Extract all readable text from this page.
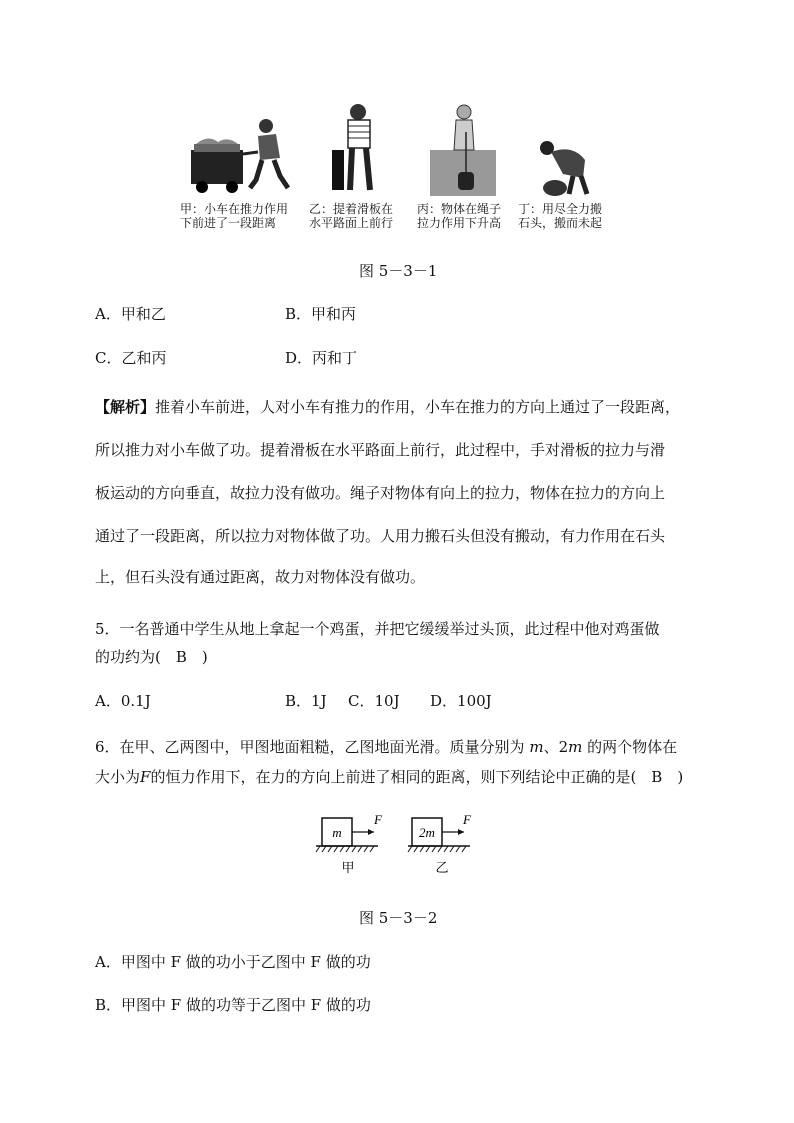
甲：小车在推力作用
下前进了一段距离
乙：提着滑板在
水平路面上前行
丙：物体在绳子
拉力作用下升高
丁：用尽全力搬
石头，搬而未起
图 5－3－1
A．甲和乙	B．甲和丙
C．乙和丙	D．丙和丁
【解析】推着小车前进，人对小车有推力的作用，小车在推力的方向上通过了一段距离，
所以推力对小车做了功。提着滑板在水平路面上前行，此过程中，手对滑板的拉力与滑
板运动的方向垂直，故拉力没有做功。绳子对物体有向上的拉力，物体在拉力的方向上
通过了一段距离，所以拉力对物体做了功。人用力搬石头但没有搬动，有力作用在石头
上，但石头没有通过距离，故力对物体没有做功。
5．一名普通中学生从地上拿起一个鸡蛋，并把它缓缓举过头顶，此过程中他对鸡蛋做
的功约为(　B　)
A．0.1J	B．1J C．10J D．100J
6．在甲、乙两图中，甲图地面粗糙，乙图地面光滑。质量分别为 m、2m 的两个物体在
大小为F的恒力作用下，在力的方向上前进了相同的距离，则下列结论中正确的是(　B　)
m
F
甲
2m
F
乙
图 5－3－2
A．甲图中 F 做的功小于乙图中 F 做的功
B．甲图中 F 做的功等于乙图中 F 做的功
